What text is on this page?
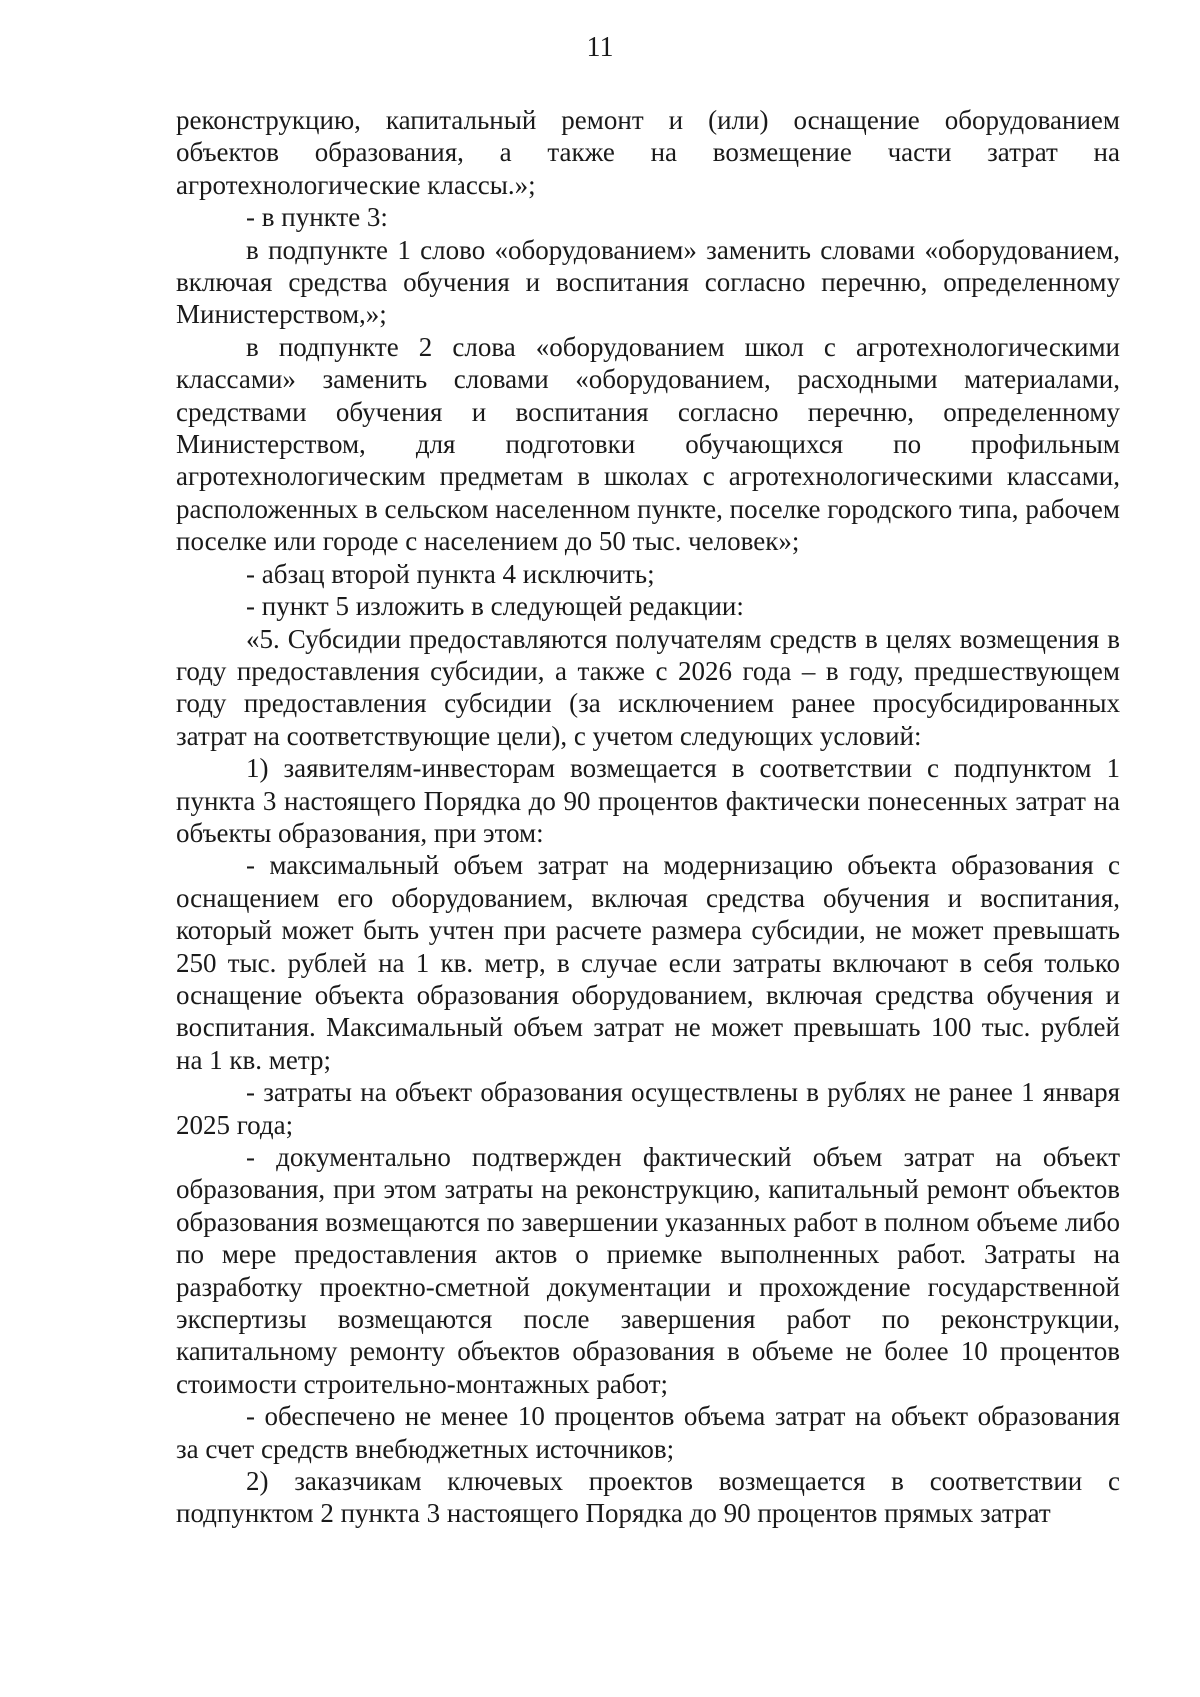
11

реконструкцию, капитальный ремонт и (или) оснащение оборудованием объектов образования, а также на возмещение части затрат на агротехнологические классы.»;

- в пункте 3:

в подпункте 1 слово «оборудованием» заменить словами «оборудованием, включая средства обучения и воспитания согласно перечню, определенному Министерством,»;

в подпункте 2 слова «оборудованием школ с агротехнологическими классами» заменить словами «оборудованием, расходными материалами, средствами обучения и воспитания согласно перечню, определенному Министерством, для подготовки обучающихся по профильным агротехнологическим предметам в школах с агротехнологическими классами, расположенных в сельском населенном пункте, поселке городского типа, рабочем поселке или городе с населением до 50 тыс. человек»;

- абзац второй пункта 4 исключить;

- пункт 5 изложить в следующей редакции:

«5. Субсидии предоставляются получателям средств в целях возмещения в году предоставления субсидии, а также с 2026 года – в году, предшествующем году предоставления субсидии (за исключением ранее просубсидированных затрат на соответствующие цели), с учетом следующих условий:

1) заявителям-инвесторам возмещается в соответствии с подпунктом 1 пункта 3 настоящего Порядка до 90 процентов фактически понесенных затрат на объекты образования, при этом:

- максимальный объем затрат на модернизацию объекта образования с оснащением его оборудованием, включая средства обучения и воспитания, который может быть учтен при расчете размера субсидии, не может превышать 250 тыс. рублей на 1 кв. метр, в случае если затраты включают в себя только оснащение объекта образования оборудованием, включая средства обучения и воспитания. Максимальный объем затрат не может превышать 100 тыс. рублей на 1 кв. метр;

- затраты на объект образования осуществлены в рублях не ранее 1 января 2025 года;

- документально подтвержден фактический объем затрат на объект образования, при этом затраты на реконструкцию, капитальный ремонт объектов образования возмещаются по завершении указанных работ в полном объеме либо по мере предоставления актов о приемке выполненных работ. Затраты на разработку проектно-сметной документации и прохождение государственной экспертизы возмещаются после завершения работ по реконструкции, капитальному ремонту объектов образования в объеме не более 10 процентов стоимости строительно-монтажных работ;

- обеспечено не менее 10 процентов объема затрат на объект образования за счет средств внебюджетных источников;

2) заказчикам ключевых проектов возмещается в соответствии с подпунктом 2 пункта 3 настоящего Порядка до 90 процентов прямых затрат
